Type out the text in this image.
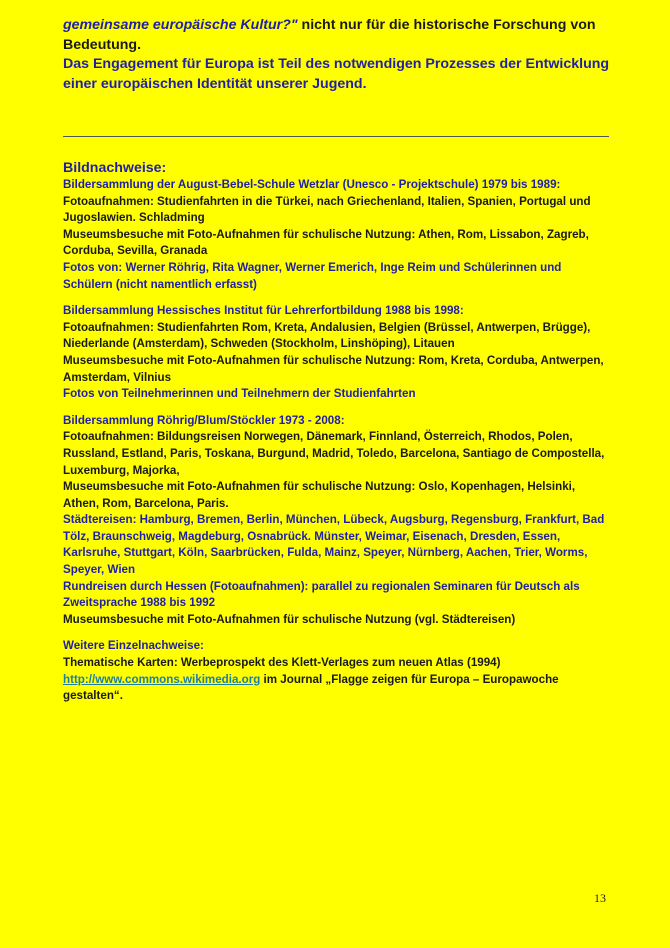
gemeinsame europäische Kultur?" nicht nur für die historische Forschung von Bedeutung.

Das Engagement für Europa ist Teil des notwendigen Prozesses der Entwicklung einer europäischen Identität unserer Jugend.

Bildnachweise:

Bildersammlung der August-Bebel-Schule Wetzlar (Unesco - Projektschule) 1979 bis 1989:

Fotoaufnahmen: Studienfahrten in die Türkei, nach Griechenland, Italien, Spanien, Portugal und Jugoslawien. Schladming

Museumsbesuche mit Foto-Aufnahmen für schulische Nutzung: Athen, Rom, Lissabon, Zagreb, Corduba, Sevilla, Granada

Fotos von: Werner Röhrig, Rita Wagner, Werner Emerich, Inge Reim und Schülerinnen und Schülern (nicht namentlich erfasst)

Bildersammlung Hessisches Institut für Lehrerfortbildung 1988 bis 1998:

Fotoaufnahmen: Studienfahrten Rom, Kreta, Andalusien, Belgien (Brüssel, Antwerpen, Brügge), Niederlande (Amsterdam), Schweden (Stockholm, Linshöping), Litauen

Museumsbesuche mit Foto-Aufnahmen für schulische Nutzung: Rom, Kreta, Corduba, Antwerpen, Amsterdam, Vilnius

Fotos von Teilnehmerinnen und Teilnehmern der Studienfahrten

Bildersammlung Röhrig/Blum/Stöckler 1973 - 2008:

Fotoaufnahmen: Bildungsreisen Norwegen, Dänemark, Finnland, Österreich, Rhodos, Polen, Russland, Estland, Paris, Toskana, Burgund, Madrid, Toledo, Barcelona, Santiago de Compostella, Luxemburg, Majorka,

Museumsbesuche mit Foto-Aufnahmen für schulische Nutzung: Oslo, Kopenhagen, Helsinki, Athen, Rom, Barcelona, Paris.

Städtereisen: Hamburg, Bremen, Berlin, München, Lübeck, Augsburg, Regensburg, Frankfurt, Bad Tölz, Braunschweig, Magdeburg, Osnabrück. Münster, Weimar, Eisenach, Dresden, Essen, Karlsruhe, Stuttgart, Köln, Saarbrücken, Fulda, Mainz, Speyer, Nürnberg, Aachen, Trier, Worms, Speyer, Wien

Rundreisen durch Hessen (Fotoaufnahmen): parallel zu regionalen Seminaren für Deutsch als Zweitsprache 1988 bis 1992

Museumsbesuche mit Foto-Aufnahmen für schulische Nutzung (vgl. Städtereisen)

Weitere Einzelnachweise:

Thematische Karten: Werbeprospekt des Klett-Verlages zum neuen Atlas (1994)

http://www.commons.wikimedia.org im Journal „Flagge zeigen für Europa – Europawoche gestalten“.

13
